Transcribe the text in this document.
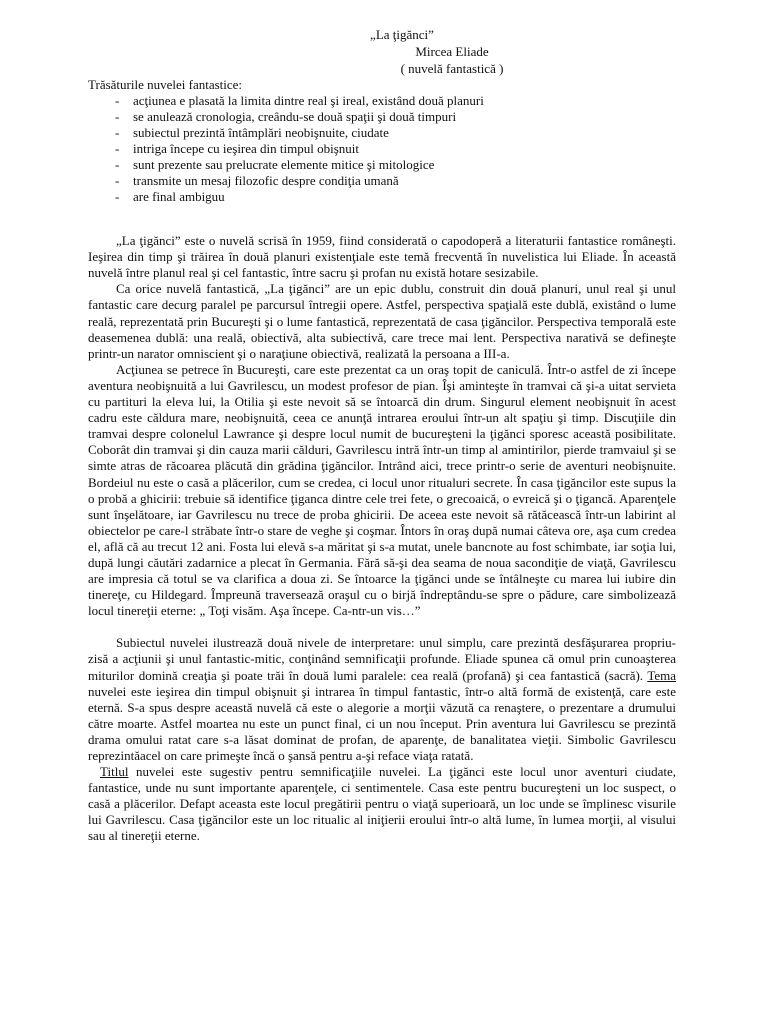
„La ţigănci”
Mircea Eliade
( nuvelă fantastică )
Trăsăturile nuvelei fantastice:
- acţiunea e plasată la limita dintre real şi ireal, existând două planuri
- se anulează cronologia, creându-se două spaţii şi două timpuri
- subiectul prezintă întâmplări neobişnuite, ciudate
- intriga începe cu ieşirea din timpul obişnuit
- sunt prezente sau prelucrate elemente mitice şi mitologice
- transmite un mesaj filozofic despre condiţia umană
- are final ambiguu

„La ţigănci” este o nuvelă scrisă în 1959, fiind considerată o capodoperă a literaturii fantastice româneşti. Ieşirea din timp şi trăirea în două planuri existenţiale este temă frecventă în nuvelistica lui Eliade. În această nuvelă între planul real şi cel fantastic, între sacru şi profan nu există hotare sesizabile.

Ca orice nuvelă fantastică, „La ţigănci” are un epic dublu, construit din două planuri, unul real şi unul fantastic care decurg paralel pe parcursul întregii opere. Astfel, perspectiva spaţială este dublă, existând o lume reală, reprezentată prin Bucureşti şi o lume fantastică, reprezentată de casa ţigăncilor. Perspectiva temporală este deasemenea dublă: una reală, obiectivă, alta subiectivă, care trece mai lent. Perspectiva narativă se defineşte printr-un narator omniscient şi o naraţiune obiectivă, realizată la persoana a III-a.

Acţiunea se petrece în Bucureşti, care este prezentat ca un oraş topit de caniculă. Într-o astfel de zi începe aventura neobişnuită a lui Gavrilescu, un modest profesor de pian. Îşi aminteşte în tramvai că şi-a uitat servieta cu partituri la eleva lui, la Otilia şi este nevoit să se întoarcă din drum. Singurul element neobişnuit în acest cadru este căldura mare, neobişnuită, ceea ce anunţă intrarea eroului într-un alt spaţiu şi timp. Discuţiile din tramvai despre colonelul Lawrance şi despre locul numit de bucureşteni la ţigănci sporesc această posibilitate. Coborât din tramvai şi din cauza marii călduri, Gavrilescu intră într-un timp al amintirilor, pierde tramvaiul şi se simte atras de răcoarea plăcută din grădina ţigăncilor. Intrând aici, trece printr-o serie de aventuri neobişnuite. Bordeiul nu este o casă a plăcerilor, cum se credea, ci locul unor ritualuri secrete. În casa ţigăncilor este supus la o probă a ghicirii: trebuie să identifice ţiganca dintre cele trei fete, o grecoaică, o evreică şi o ţigancă. Aparenţele sunt înşelătoare, iar Gavrilescu nu trece de proba ghicirii. De aceea este nevoit să rătăcească într-un labirint al obiectelor pe care-l străbate într-o stare de veghe şi coşmar. Întors în oraş după numai câteva ore, aşa cum credea el, află că au trecut 12 ani. Fosta lui elevă s-a măritat şi s-a mutat, unele bancnote au fost schimbate, iar soţia lui, după lungi căutări zadarnice a plecat în Germania. Fără să-şi dea seama de noua sacondiţie de viaţă, Gavrilescu are impresia că totul se va clarifica a doua zi. Se întoarce la ţigănci unde se întâlneşte cu marea lui iubire din tinereţe, cu Hildegard. Împreună traversează oraşul cu o birjă îndreptându-se spre o pădure, care simbolizează locul tinereţii eterne: „ Toţi visăm. Aşa începe. Ca-ntr-un vis…”

Subiectul nuvelei ilustrează două nivele de interpretare: unul simplu, care prezintă desfăşurarea propriu-zisă a acţiunii şi unul fantastic-mitic, conţinând semnificaţii profunde. Eliade spunea că omul prin cunoaşterea miturilor domină creaţia şi poate trăi în două lumi paralele: cea reală (profană) şi cea fantastică (sacră). Tema nuvelei este ieşirea din timpul obişnuit şi intrarea în timpul fantastic, într-o altă formă de existenţă, care este eternă. S-a spus despre această nuvelă că este o alegorie a morţii văzută ca renaştere, o prezentare a drumului către moarte. Astfel moartea nu este un punct final, ci un nou început. Prin aventura lui Gavrilescu se prezintă drama omului ratat care s-a lăsat dominat de profan, de aparenţe, de banalitatea vieţii. Simbolic Gavrilescu reprezintăacel on care primeşte încă o şansă pentru a-şi reface viaţa ratată.

Titlul nuvelei este sugestiv pentru semnificaţiile nuvelei. La ţigănci este locul unor aventuri ciudate, fantastice, unde nu sunt importante aparenţele, ci sentimentele. Casa este pentru bucureşteni un loc suspect, o casă a plăcerilor. Defapt aceasta este locul pregătirii pentru o viaţă superioară, un loc unde se împlinesc visurile lui Gavrilescu. Casa ţigăncilor este un loc ritualic al iniţierii eroului într-o altă lume, în lumea morţii, al visului sau al tinereţii eterne.
